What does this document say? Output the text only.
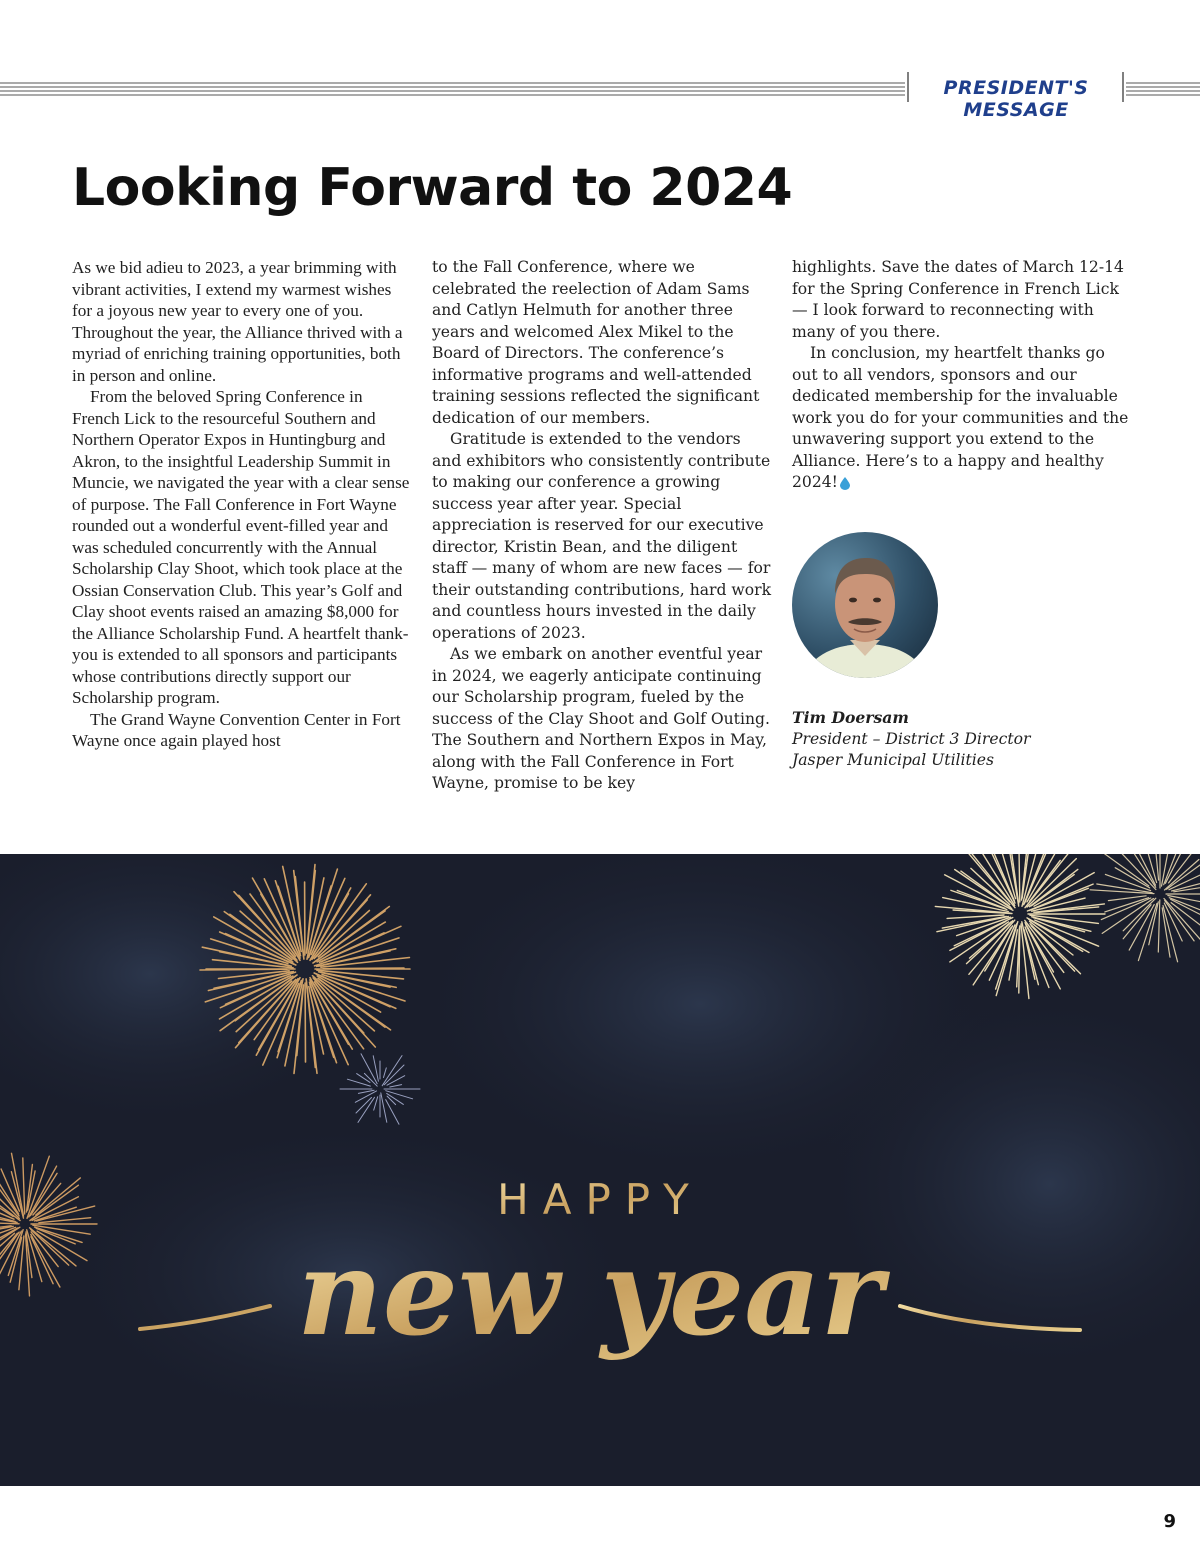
PRESIDENT'S MESSAGE
Looking Forward to 2024

As we bid adieu to 2023, a year brimming with vibrant activities, I extend my warmest wishes for a joyous new year to every one of you. Throughout the year, the Alliance thrived with a myriad of enriching training opportunities, both in person and online.

From the beloved Spring Conference in French Lick to the resourceful Southern and Northern Operator Expos in Huntingburg and Akron, to the insightful Leadership Summit in Muncie, we navigated the year with a clear sense of purpose. The Fall Conference in Fort Wayne rounded out a wonderful event-filled year and was scheduled concurrently with the Annual Scholarship Clay Shoot, which took place at the Ossian Conservation Club. This year’s Golf and Clay shoot events raised an amazing $8,000 for the Alliance Scholarship Fund. A heartfelt thank-you is extended to all sponsors and participants whose contributions directly support our Scholarship program.

The Grand Wayne Convention Center in Fort Wayne once again played host

to the Fall Conference, where we celebrated the reelection of Adam Sams and Catlyn Helmuth for another three years and welcomed Alex Mikel to the Board of Directors. The conference’s informative programs and well-attended training sessions reflected the significant dedication of our members.

Gratitude is extended to the vendors and exhibitors who consistently contribute to making our conference a growing success year after year. Special appreciation is reserved for our executive director, Kristin Bean, and the diligent staff — many of whom are new faces — for their outstanding contributions, hard work and countless hours invested in the daily operations of 2023.

As we embark on another eventful year in 2024, we eagerly anticipate continuing our Scholarship program, fueled by the success of the Clay Shoot and Golf Outing. The Southern and Northern Expos in May, along with the Fall Conference in Fort Wayne, promise to be key

highlights. Save the dates of March 12-14 for the Spring Conference in French Lick — I look forward to reconnecting with many of you there.

In conclusion, my heartfelt thanks go out to all vendors, sponsors and our dedicated membership for the invaluable work you do for your communities and the unwavering support you extend to the Alliance. Here’s to a happy and healthy 2024!

Tim Doersam
President – District 3 Director
Jasper Municipal Utilities
HAPPY
new year
9
